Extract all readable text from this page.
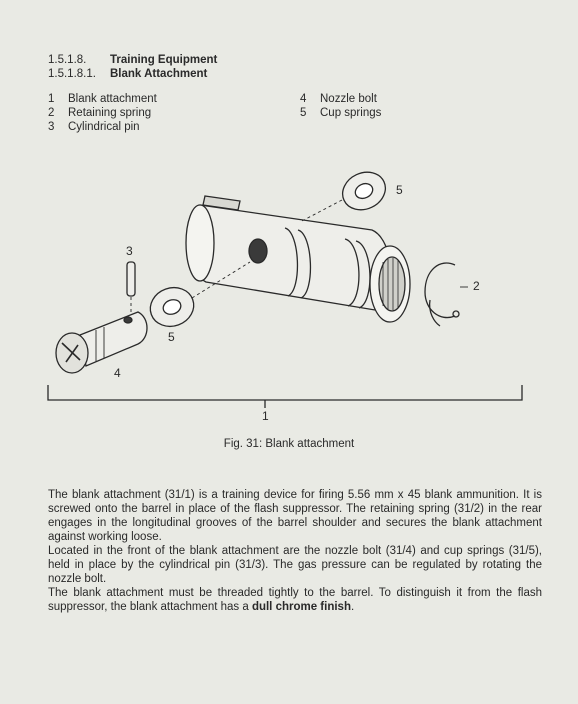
1.5.1.8. Training Equipment
1.5.1.8.1. Blank Attachment
1 Blank attachment
2 Retaining spring
3 Cylindrical pin
4 Nozzle bolt
5 Cup springs
1
2
3
4
5
5
Fig. 31: Blank attachment

The blank attachment (31/1) is a training device for firing 5.56 mm x 45 blank ammunition. It is screwed onto the barrel in place of the flash suppressor. The retaining spring (31/2) in the rear engages in the longitudinal grooves of the barrel shoulder and secures the blank attachment against working loose.

Located in the front of the blank attachment are the nozzle bolt (31/4) and cup springs (31/5), held in place by the cylindrical pin (31/3). The gas pressure can be regulated by rotating the nozzle bolt.

The blank attachment must be threaded tightly to the barrel. To distinguish it from the flash suppressor, the blank attachment has a dull chrome finish.
